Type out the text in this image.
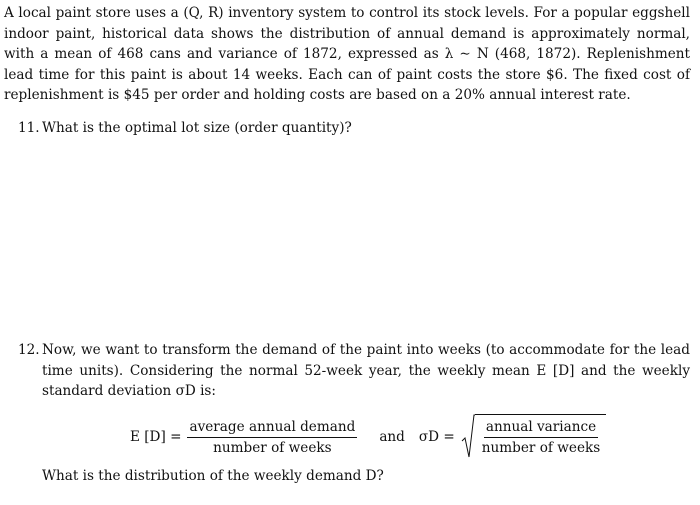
A local paint store uses a (Q, R) inventory system to control its stock levels. For a popular eggshell
indoor paint, historical data shows the distribution of annual demand is approximately normal,
with a mean of 468 cans and variance of 1872, expressed as λ ∼ N (468, 1872). Replenishment
lead time for this paint is about 14 weeks. Each can of paint costs the store $6. The fixed cost of
replenishment is $45 per order and holding costs are based on a 20% annual interest rate.
11. What is the optimal lot size (order quantity)?
12. Now, we want to transform the demand of the paint into weeks (to accommodate for the lead
time units). Considering the normal 52-week year, the weekly mean E [D] and the weekly
standard deviation σD is:
E $[D] = \frac{\text{average annual demand}}{\text{number of weeks}}$ and $\sigma D = \frac{\text{annual variance}}{\text{number of weeks}}$
What is the distribution of the weekly demand D?
